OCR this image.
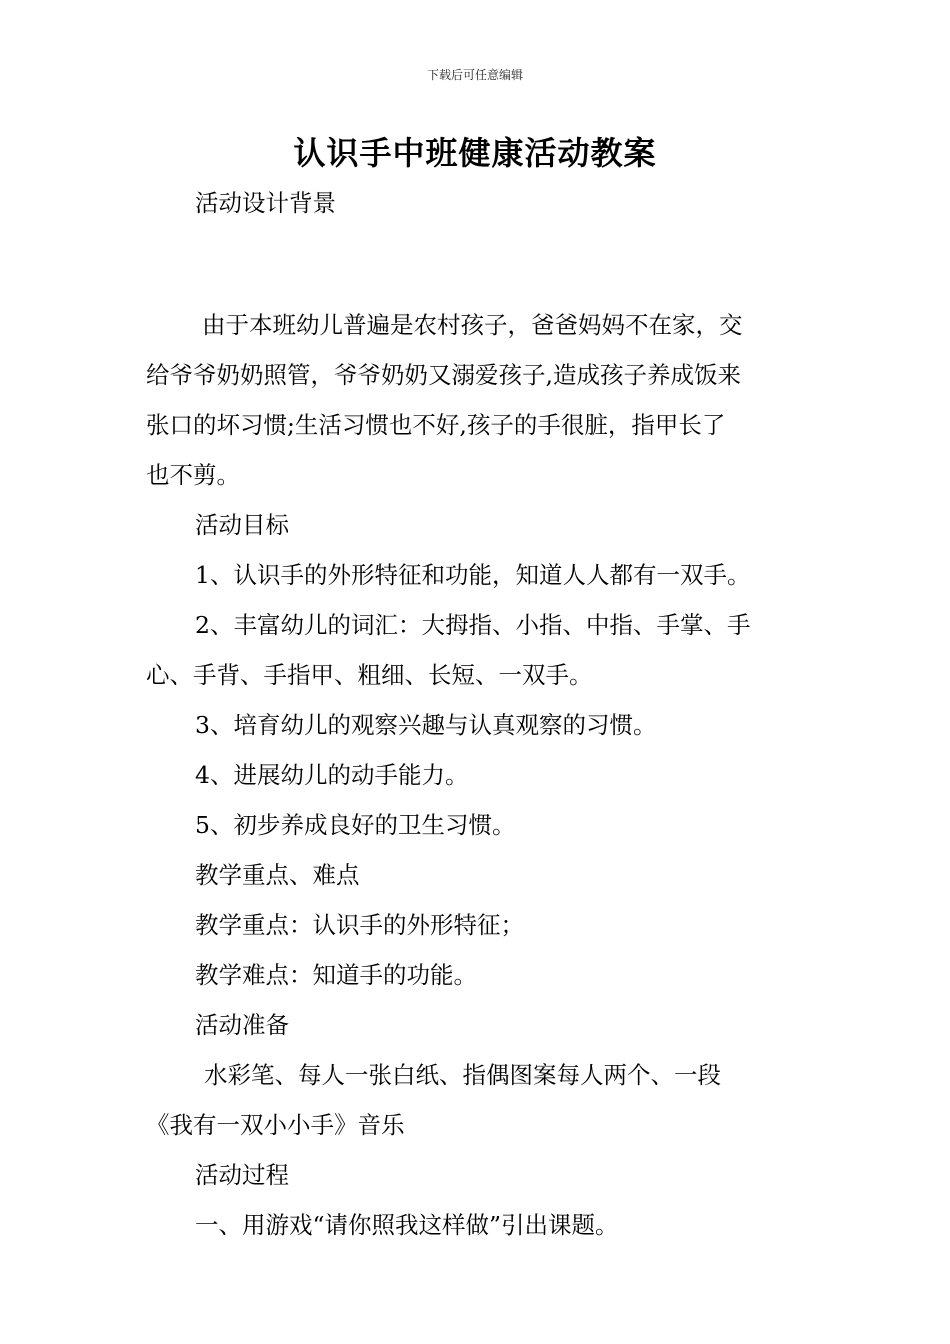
下载后可任意编辑
认识手中班健康活动教案
活动设计背景
由于本班幼儿普遍是农村孩子，爸爸妈妈不在家，交
给爷爷奶奶照管，爷爷奶奶又溺爱孩子,造成孩子养成饭来
张口的坏习惯;生活习惯也不好,孩子的手很脏，指甲长了
也不剪。
活动目标
1、认识手的外形特征和功能，知道人人都有一双手。
2、丰富幼儿的词汇：大拇指、小指、中指、手掌、手
心、手背、手指甲、粗细、长短、一双手。
3、培育幼儿的观察兴趣与认真观察的习惯。
4、进展幼儿的动手能力。
5、初步养成良好的卫生习惯。
教学重点、难点
教学重点：认识手的外形特征；
教学难点：知道手的功能。
活动准备
水彩笔、每人一张白纸、指偶图案每人两个、一段
《我有一双小小手》音乐
活动过程
一、用游戏“请你照我这样做”引出课题。
